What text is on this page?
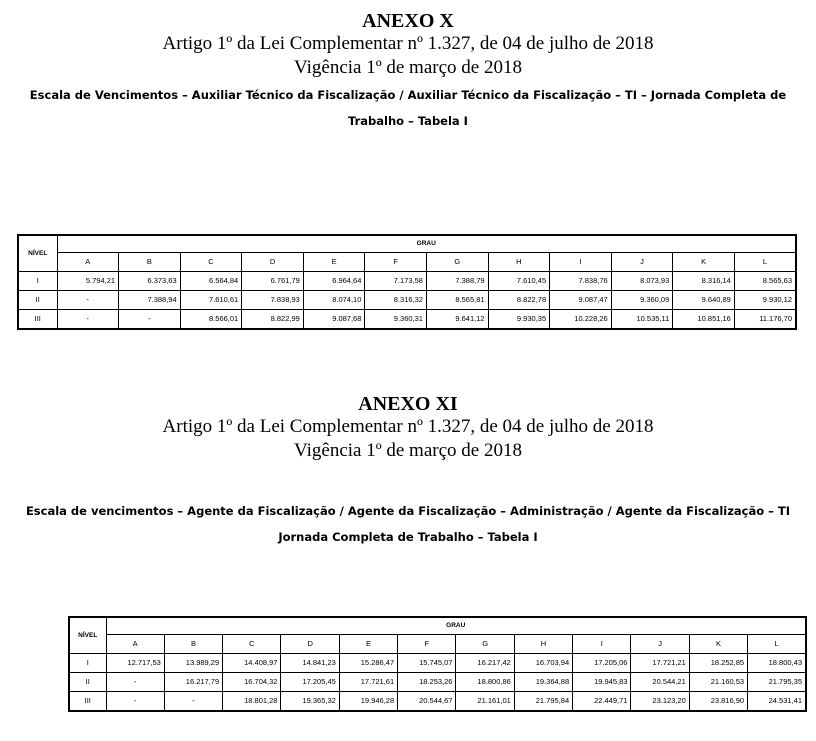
ANEXO X
Artigo 1º da Lei Complementar nº 1.327, de 04 de julho de 2018
Vigência 1º de março de 2018
Escala de Vencimentos – Auxiliar Técnico da Fiscalização / Auxiliar Técnico da Fiscalização – TI – Jornada Completa de
Trabalho – Tabela I
NÍVEL	GRAU											
	A	B	C	D	E	F	G	H	I	J	K	L
I	5.794,21	6.373,63	6.564,84	6.761,79	6.964,64	7.173,58	7.388,79	7.610,45	7.838,76	8.073,93	8.316,14	8.565,63
II	-	7.388,94	7.610,61	7.838,93	8.074,10	8.316,32	8.565,81	8.822,78	9.087,47	9.360,09	9.640,89	9.930,12
III	-	-	8.566,01	8.822,99	9.087,68	9.360,31	9.641,12	9.930,35	10.228,26	10.535,11	10.851,16	11.176,70
ANEXO XI
Artigo 1º da Lei Complementar nº 1.327, de 04 de julho de 2018
Vigência 1º de março de 2018
Escala de vencimentos – Agente da Fiscalização / Agente da Fiscalização – Administração / Agente da Fiscalização – TI
Jornada Completa de Trabalho – Tabela I
NÍVEL	GRAU											
	A	B	C	D	E	F	G	H	I	J	K	L
I	12.717,53	13.989,29	14.408,97	14.841,23	15.286,47	15.745,07	16.217,42	16.703,94	17.205,06	17.721,21	18.252,85	18.800,43
II	-	16.217,79	16.704,32	17.205,45	17.721,61	18.253,26	18.800,86	19.364,88	19.945,83	20.544,21	21.160,53	21.795,35
III	-	-	18.801,28	19.365,32	19.946,28	20.544,67	21.161,01	21.795,84	22.449,71	23.123,20	23.816,90	24.531,41
